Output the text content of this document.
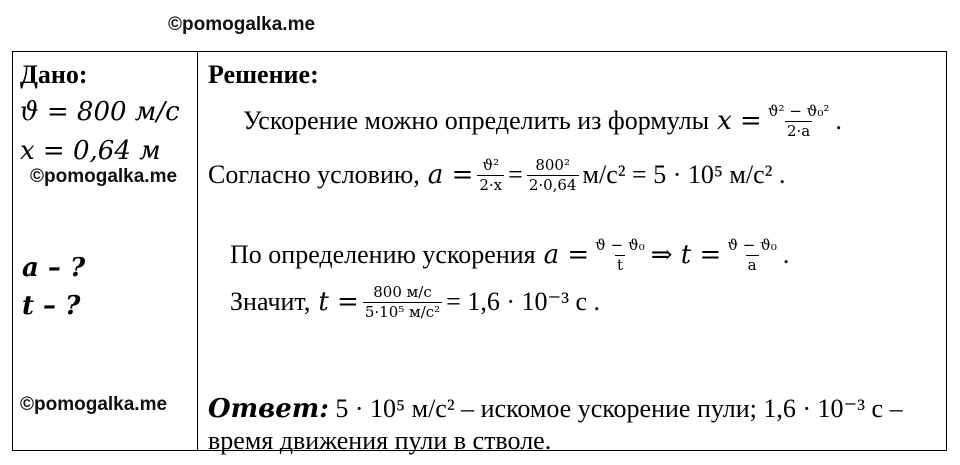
©pomogalka.me
Дано:
ϑ = 800 м/с
x = 0,64 м
©pomogalka.me
a – ?
t – ?
©pomogalka.me
Решение:
Ускорение можно определить из формулы $x = \frac{\text{ϑ² − ϑ₀²}}{2\cdot a}$ .
Согласно условию, $a = \frac{\text{ϑ²}}{2\cdot x} = \frac{\text{800²}}{2\cdot 0,64} м/с^2 = 5 \cdot 10^5$ м/с² .
По определению ускорения $a = \frac{\text{ϑ − ϑ₀}}{t}$ ⇒ $t = \frac{\text{ϑ − ϑ₀}}{a}$ .
Значит, $t = \frac{800 м/с}{\text{5·10⁵ м/с²}} = 1,6 \cdot 10^{-3}$ с .
Ответ: 5 · 10⁵ м/с² – искомое ускорение пули; 1,6 · 10⁻³ с –
время движения пули в стволе.
